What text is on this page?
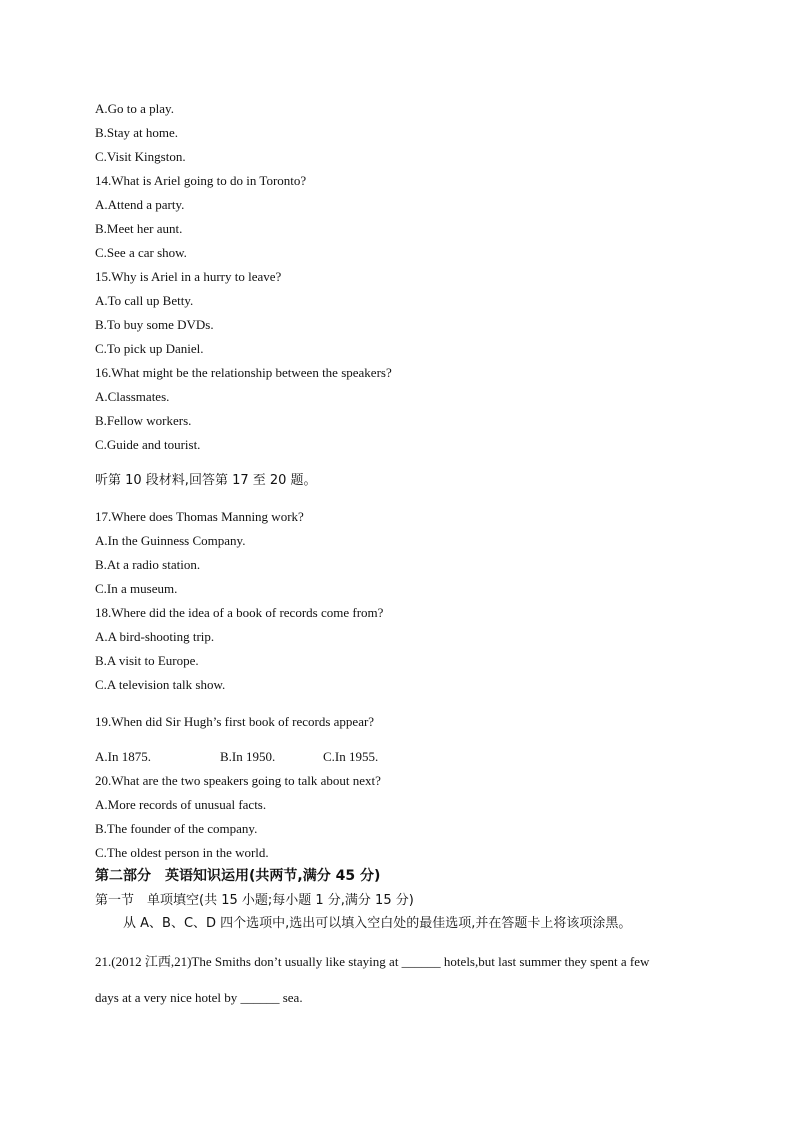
A.Go to a play.
B.Stay at home.
C.Visit Kingston.
14.What is Ariel going to do in Toronto?
A.Attend a party.
B.Meet her aunt.
C.See a car show.
15.Why is Ariel in a hurry to leave?
A.To call up Betty.
B.To buy some DVDs.
C.To pick up Daniel.
16.What might be the relationship between the speakers?
A.Classmates.
B.Fellow workers.
C.Guide and tourist.
听第 10 段材料,回答第 17 至 20 题。
17.Where does Thomas Manning work?
A.In the Guinness Company.
B.At a radio station.
C.In a museum.
18.Where did the idea of a book of records come from?
A.A bird-shooting trip.
B.A visit to Europe.
C.A television talk show.
19.When did Sir Hugh’s first book of records appear?
A.In 1875.	B.In 1950.	C.In 1955.
20.What are the two speakers going to talk about next?
A.More records of unusual facts.
B.The founder of the company.
C.The oldest person in the world.
第二部分　英语知识运用(共两节,满分 45 分)
第一节　单项填空(共 15 小题;每小题 1 分,满分 15 分)
从 A、B、C、D 四个选项中,选出可以填入空白处的最佳选项,并在答题卡上将该项涂黑。
21.(2012 江西,21)The Smiths don’t usually like staying at ______ hotels,but last summer they spent a few
days at a very nice hotel by ______ sea.
